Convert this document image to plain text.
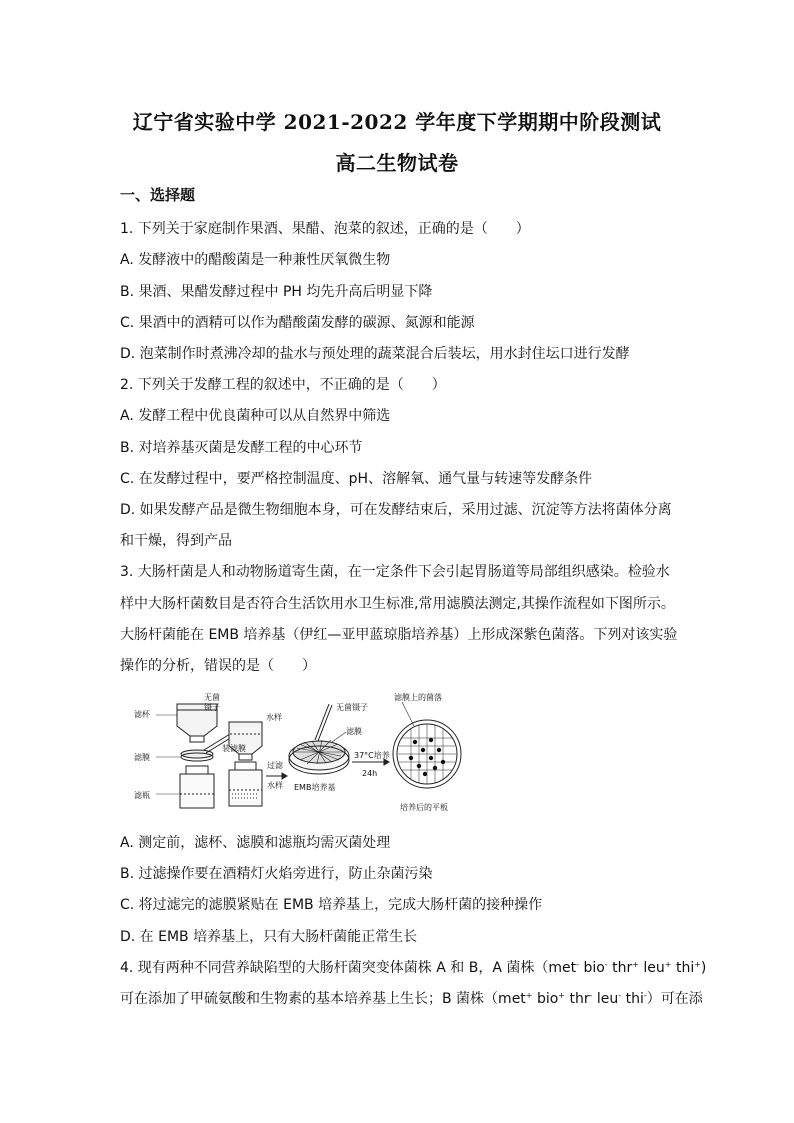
辽宁省实验中学 2021-2022 学年度下学期期中阶段测试
高二生物试卷
一、选择题
1. 下列关于家庭制作果酒、果醋、泡菜的叙述，正确的是（　　）
A. 发酵液中的醋酸菌是一种兼性厌氧微生物
B. 果酒、果醋发酵过程中 PH 均先升高后明显下降
C. 果酒中的酒精可以作为醋酸菌发酵的碳源、氮源和能源
D. 泡菜制作时煮沸冷却的盐水与预处理的蔬菜混合后装坛，用水封住坛口进行发酵
2. 下列关于发酵工程的叙述中，不正确的是（　　）
A. 发酵工程中优良菌种可以从自然界中筛选
B. 对培养基灭菌是发酵工程的中心环节
C. 在发酵过程中，要严格控制温度、pH、溶解氧、通气量与转速等发酵条件
D. 如果发酵产品是微生物细胞本身，可在发酵结束后，采用过滤、沉淀等方法将菌体分离
和干燥，得到产品
3. 大肠杆菌是人和动物肠道寄生菌，在一定条件下会引起胃肠道等局部组织感染。检验水
样中大肠杆菌数目是否符合生活饮用水卫生标准,常用滤膜法测定,其操作流程如下图所示。
大肠杆菌能在 EMB 培养基（伊红—亚甲蓝琼脂培养基）上形成深紫色菌落。下列对该实验
操作的分析，错误的是（　　）
滤杯
无菌
镊子
滤膜
装滤膜
滤瓶
水样
过滤
水样
无菌镊子
滤膜
37°C培养
24h
EMB培养基
滤膜上的菌落
培养后的平板
A. 测定前，滤杯、滤膜和滤瓶均需灭菌处理
B. 过滤操作要在酒精灯火焰旁进行，防止杂菌污染
C. 将过滤完的滤膜紧贴在 EMB 培养基上，完成大肠杆菌的接种操作
D. 在 EMB 培养基上，只有大肠杆菌能正常生长
4. 现有两种不同营养缺陷型的大肠杆菌突变体菌株 A 和 B，A 菌株（met- bio- thr+ leu+ thi+)
可在添加了甲硫氨酸和生物素的基本培养基上生长；B 菌株（met+ bio+ thr- leu- thi-）可在添
